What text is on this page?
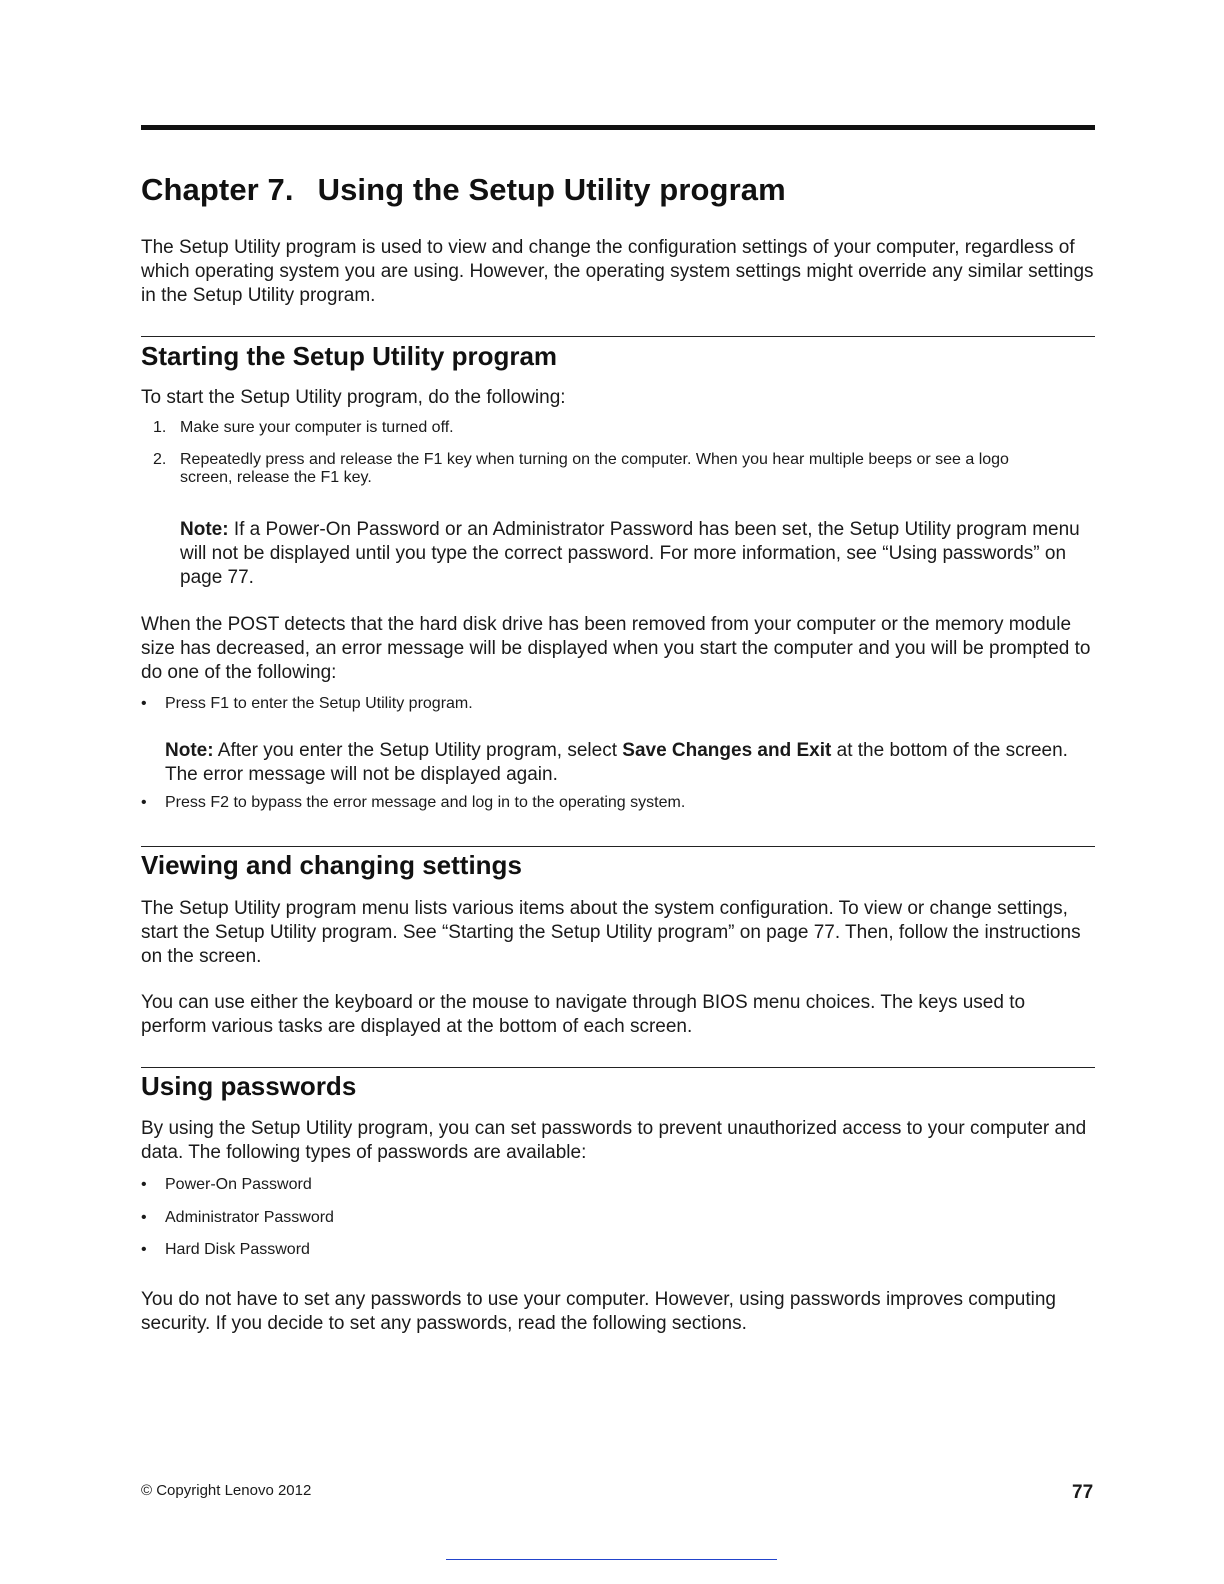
Chapter 7. Using the Setup Utility program

The Setup Utility program is used to view and change the configuration settings of your computer, regardless of which operating system you are using. However, the operating system settings might override any similar settings in the Setup Utility program.

Starting the Setup Utility program

To start the Setup Utility program, do the following:

1. Make sure your computer is turned off.
2. Repeatedly press and release the F1 key when turning on the computer. When you hear multiple beeps or see a logo screen, release the F1 key.

Note: If a Power-On Password or an Administrator Password has been set, the Setup Utility program menu will not be displayed until you type the correct password. For more information, see “Using passwords” on page 77.

When the POST detects that the hard disk drive has been removed from your computer or the memory module size has decreased, an error message will be displayed when you start the computer and you will be prompted to do one of the following:

• Press F1 to enter the Setup Utility program.

Note: After you enter the Setup Utility program, select Save Changes and Exit at the bottom of the screen. The error message will not be displayed again.

• Press F2 to bypass the error message and log in to the operating system.
Viewing and changing settings

The Setup Utility program menu lists various items about the system configuration. To view or change settings, start the Setup Utility program. See “Starting the Setup Utility program” on page 77. Then, follow the instructions on the screen.

You can use either the keyboard or the mouse to navigate through BIOS menu choices. The keys used to perform various tasks are displayed at the bottom of each screen.

Using passwords

By using the Setup Utility program, you can set passwords to prevent unauthorized access to your computer and data. The following types of passwords are available:

• Power-On Password
• Administrator Password
• Hard Disk Password

You do not have to set any passwords to use your computer. However, using passwords improves computing security. If you decide to set any passwords, read the following sections.

© Copyright Lenovo 2012	77
